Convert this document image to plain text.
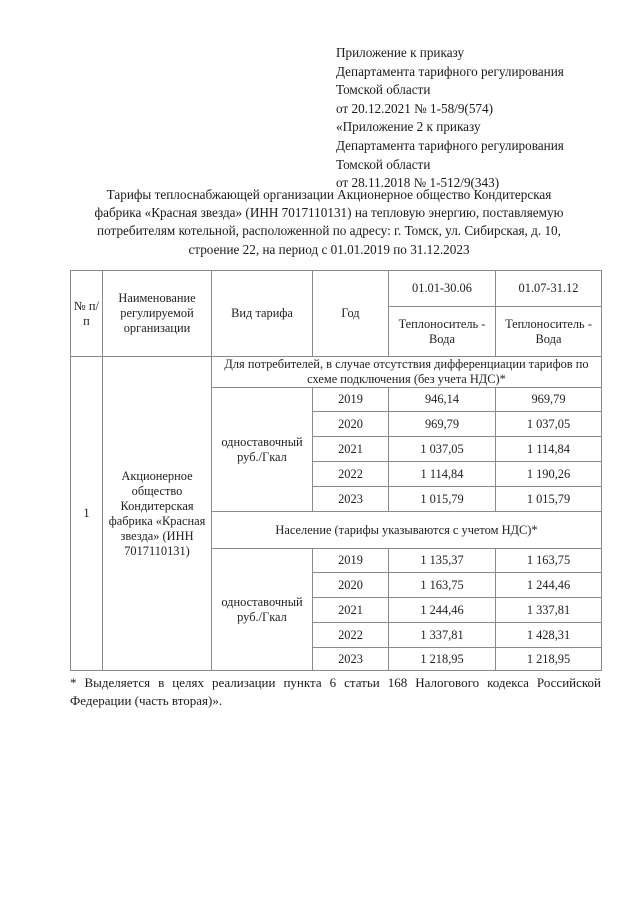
Приложение к приказу
Департамента тарифного регулирования
Томской области
от 20.12.2021 № 1-58/9(574)
«Приложение 2 к приказу
Департамента тарифного регулирования
Томской области
от 28.11.2018 № 1-512/9(343)
Тарифы теплоснабжающей организации Акционерное общество Кондитерская
фабрика «Красная звезда» (ИНН 7017110131) на тепловую энергию, поставляемую
потребителям котельной, расположенной по адресу: г. Томск, ул. Сибирская, д. 10,
строение 22, на период с 01.01.2019 по 31.12.2023
№ п/п	Наименование регулируемой организации	Вид тарифа	Год	01.01-30.06	01.07-31.12
				Теплоноситель - Вода	Теплоноситель - Вода
1	Акционерное общество Кондитерская фабрика «Красная звезда» (ИНН 7017110131)	Для потребителей, в случае отсутствия дифференциации тарифов по схеме подключения (без учета НДС)*			
		одноставочный руб./Гкал	2019	946,14	969,79
			2020	969,79	1 037,05
			2021	1 037,05	1 114,84
			2022	1 114,84	1 190,26
			2023	1 015,79	1 015,79
		Население (тарифы указываются с учетом НДС)*			
		одноставочный руб./Гкал	2019	1 135,37	1 163,75
			2020	1 163,75	1 244,46
			2021	1 244,46	1 337,81
			2022	1 337,81	1 428,31
			2023	1 218,95	1 218,95
* Выделяется в целях реализации пункта 6 статьи 168 Налогового кодекса Российской
Федерации (часть вторая)».
